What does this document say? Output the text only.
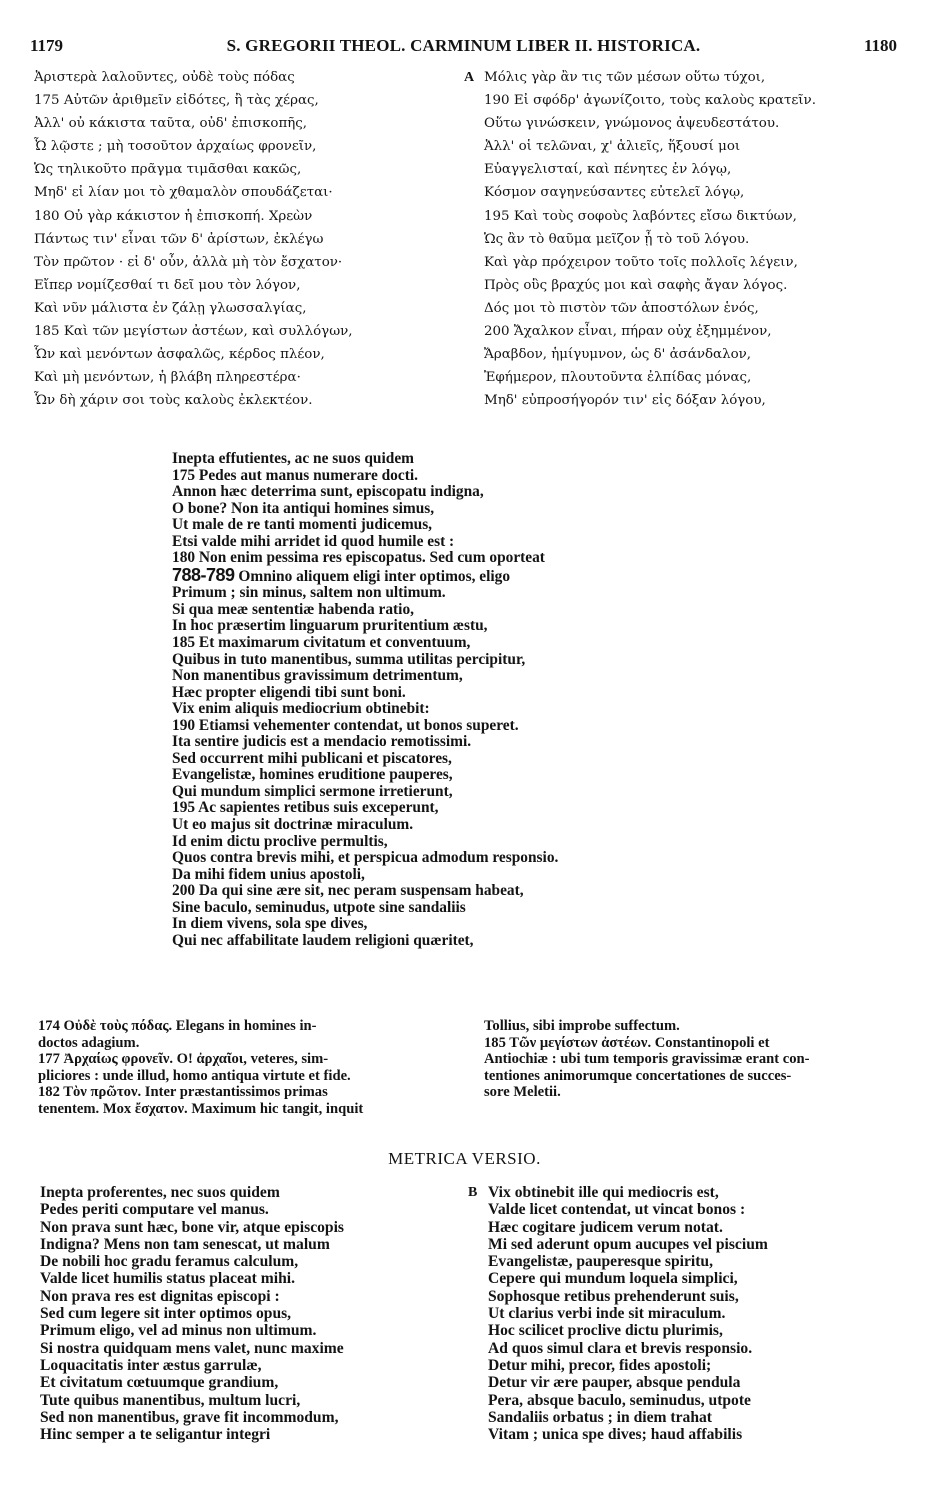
1179	S. GREGORII THEOL. CARMINUM LIBER II. HISTORICA.	1180
Ἀριστερὰ λαλοῦντες, οὐδὲ τοὺς πόδας
175 Αὐτῶν ἀριθμεῖν εἰδότες, ἢ τὰς χέρας,
Ἀλλ' οὐ κάκιστα ταῦτα, οὐδ' ἐπισκοπῆς,
Ὦ λῷστε ; μὴ τοσοῦτον ἀρχαίως φρονεῖν,
Ὡς τηλικοῦτο πρᾶγμα τιμᾶσθαι κακῶς,
Μηδ' εἰ λίαν μοι τὸ χθαμαλὸν σπουδάζεται·
180 Οὐ γὰρ κάκιστον ἡ ἐπισκοπή. Χρεὼν
Πάντως τιν' εἶναι τῶν δ' ἀρίστων, ἐκλέγω
Τὸν πρῶτον · εἰ δ' οὖν, ἀλλὰ μὴ τὸν ἔσχατον·
Εἴπερ νομίζεσθαί τι δεῖ μου τὸν λόγον,
Καὶ νῦν μάλιστα ἐν ζάλῃ γλωσσαλγίας,
185 Καὶ τῶν μεγίστων ἀστέων, καὶ συλλόγων,
Ὧν καὶ μενόντων ἀσφαλῶς, κέρδος πλέον,
Καὶ μὴ μενόντων, ἡ βλάβη πληρεστέρα·
Ὧν δὴ χάριν σοι τοὺς καλοὺς ἐκλεκτέον.
A Μόλις γὰρ ἂν τις τῶν μέσων οὕτω τύχοι,
190 Εἰ σφόδρ' ἀγωνίζοιτο, τοὺς καλοὺς κρατεῖν.
Οὕτω γινώσκειν, γνώμονος ἀψευδεστάτου.
Ἀλλ' οἱ τελῶναι, χ' ἁλιεῖς, ἥξουσί μοι
Εὐαγγελισταί, καὶ πένητες ἐν λόγῳ,
Κόσμον σαγηνεύσαντες εὐτελεῖ λόγῳ,
195 Καὶ τοὺς σοφοὺς λαβόντες εἴσω δικτύων,
Ὡς ἂν τὸ θαῦμα μεῖζον ᾖ τὸ τοῦ λόγου.
Καὶ γὰρ πρόχειρον τοῦτο τοῖς πολλοῖς λέγειν,
Πρὸς οὓς βραχύς μοι καὶ σαφὴς ἄγαν λόγος.
Δός μοι τὸ πιστὸν τῶν ἀποστόλων ἑνός,
200 Ἄχαλκον εἶναι, πήραν οὐχ ἐξημμένον,
Ἄραβδον, ἡμίγυμνον, ὡς δ' ἀσάνδαλον,
Ἐφήμερον, πλουτοῦντα ἐλπίδας μόνας,
Μηδ' εὐπροσήγορόν τιν' εἰς δόξαν λόγου,
Inepta effutientes, ac ne suos quidem
175 Pedes aut manus numerare docti.
Annon hæc deterrima sunt, episcopatu indigna,
O bone? Non ita antiqui homines simus,
Ut male de re tanti momenti judicemus,
Etsi valde mihi arridet id quod humile est :
180 Non enim pessima res episcopatus. Sed cum oporteat
788-789 Omnino aliquem eligi inter optimos, eligo
Primum ; sin minus, saltem non ultimum.
Si qua meæ sententiæ habenda ratio,
In hoc præsertim linguarum pruritentium æstu,
185 Et maximarum civitatum et conventuum,
Quibus in tuto manentibus, summa utilitas percipitur,
Non manentibus gravissimum detrimentum,
Hæc propter eligendi tibi sunt boni.
Vix enim aliquis mediocrium obtinebit:
190 Etiamsi vehementer contendat, ut bonos superet.
Ita sentire judicis est a mendacio remotissimi.
Sed occurrent mihi publicani et piscatores,
Evangelistæ, homines eruditione pauperes,
Qui mundum simplici sermone irretierunt,
195 Ac sapientes retibus suis exceperunt,
Ut eo majus sit doctrinæ miraculum.
Id enim dictu proclive permultis,
Quos contra brevis mihi, et perspicua admodum responsio.
Da mihi fidem unius apostoli,
200 Da qui sine ære sit, nec peram suspensam habeat,
Sine baculo, seminudus, utpote sine sandaliis
In diem vivens, sola spe dives,
Qui nec affabilitate laudem religioni quæritet,
174 Οὐδὲ τοὺς πόδας. Elegans in homines in-
doctos adagium.
177 Ἀρχαίως φρονεῖν. O! ἀρχαῖοι, veteres, sim-
pliciores : unde illud, homo antiqua virtute et fide.
182 Τὸν πρῶτον. Inter præstantissimos primas
tenentem. Mox ἔσχατον. Maximum hic tangit, inquit
Tollius, sibi improbe suffectum.
185 Τῶν μεγίστων ἀστέων. Constantinopoli et
Antiochiæ : ubi tum temporis gravissimæ erant con-
tentiones animorumque concertationes de succes-
sore Meletii.
METRICA VERSIO.
Inepta proferentes, nec suos quidem
Pedes periti computare vel manus.
Non prava sunt hæc, bone vir, atque episcopis
Indigna? Mens non tam senescat, ut malum
De nobili hoc gradu feramus calculum,
Valde licet humilis status placeat mihi.
Non prava res est dignitas episcopi :
Sed cum legere sit inter optimos opus,
Primum eligo, vel ad minus non ultimum.
Si nostra quidquam mens valet, nunc maxime
Loquacitatis inter æstus garrulæ,
Et civitatum cœtuumque grandium,
Tute quibus manentibus, multum lucri,
Sed non manentibus, grave fit incommodum,
Hinc semper a te seligantur integri
B Vix obtinebit ille qui mediocris est,
Valde licet contendat, ut vincat bonos :
Hæc cogitare judicem verum notat.
Mi sed aderunt opum aucupes vel piscium
Evangelistæ, pauperesque spiritu,
Cepere qui mundum loquela simplici,
Sophosque retibus prehenderunt suis,
Ut clarius verbi inde sit miraculum.
Hoc scilicet proclive dictu plurimis,
Ad quos simul clara et brevis responsio.
Detur mihi, precor, fides apostoli;
Detur vir ære pauper, absque pendula
Pera, absque baculo, seminudus, utpote
Sandaliis orbatus ; in diem trahat
Vitam ; unica spe dives; haud affabilis
